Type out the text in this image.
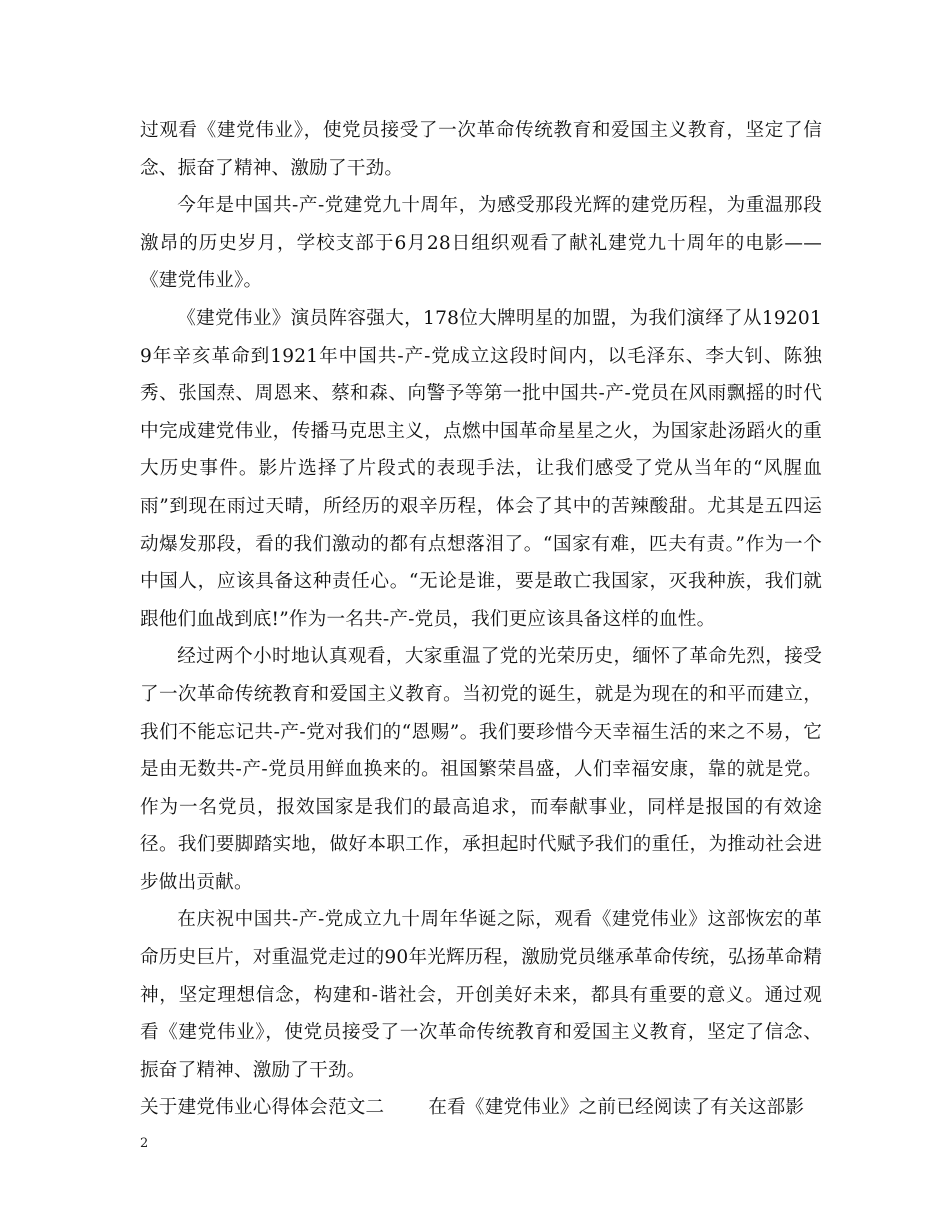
过观看《建党伟业》，使党员接受了一次革命传统教育和爱国主义教育，坚定了信念、振奋了精神、激励了干劲。

今年是中国共-产-党建党九十周年，为感受那段光辉的建党历程，为重温那段激昂的历史岁月，学校支部于6月28日组织观看了献礼建党九十周年的电影——《建党伟业》。

《建党伟业》演员阵容强大，178位大牌明星的加盟，为我们演绎了从192019年辛亥革命到1921年中国共-产-党成立这段时间内，以毛泽东、李大钊、陈独秀、张国焘、周恩来、蔡和森、向警予等第一批中国共-产-党员在风雨飘摇的时代中完成建党伟业，传播马克思主义，点燃中国革命星星之火，为国家赴汤蹈火的重大历史事件。影片选择了片段式的表现手法，让我们感受了党从当年的“风腥血雨”到现在雨过天晴，所经历的艰辛历程，体会了其中的苦辣酸甜。尤其是五四运动爆发那段，看的我们激动的都有点想落泪了。“国家有难，匹夫有责。”作为一个中国人，应该具备这种责任心。“无论是谁，要是敢亡我国家，灭我种族，我们就跟他们血战到底!”作为一名共-产-党员，我们更应该具备这样的血性。

经过两个小时地认真观看，大家重温了党的光荣历史，缅怀了革命先烈，接受了一次革命传统教育和爱国主义教育。当初党的诞生，就是为现在的和平而建立，我们不能忘记共-产-党对我们的“恩赐”。我们要珍惜今天幸福生活的来之不易，它是由无数共-产-党员用鲜血换来的。祖国繁荣昌盛，人们幸福安康，靠的就是党。作为一名党员，报效国家是我们的最高追求，而奉献事业，同样是报国的有效途径。我们要脚踏实地，做好本职工作，承担起时代赋予我们的重任，为推动社会进步做出贡献。

在庆祝中国共-产-党成立九十周年华诞之际，观看《建党伟业》这部恢宏的革命历史巨片，对重温党走过的90年光辉历程，激励党员继承革命传统，弘扬革命精神，坚定理想信念，构建和-谐社会，开创美好未来，都具有重要的意义。通过观看《建党伟业》，使党员接受了一次革命传统教育和爱国主义教育，坚定了信念、振奋了精神、激励了干劲。

关于建党伟业心得体会范文二 在看《建党伟业》之前已经阅读了有关这部影
2
